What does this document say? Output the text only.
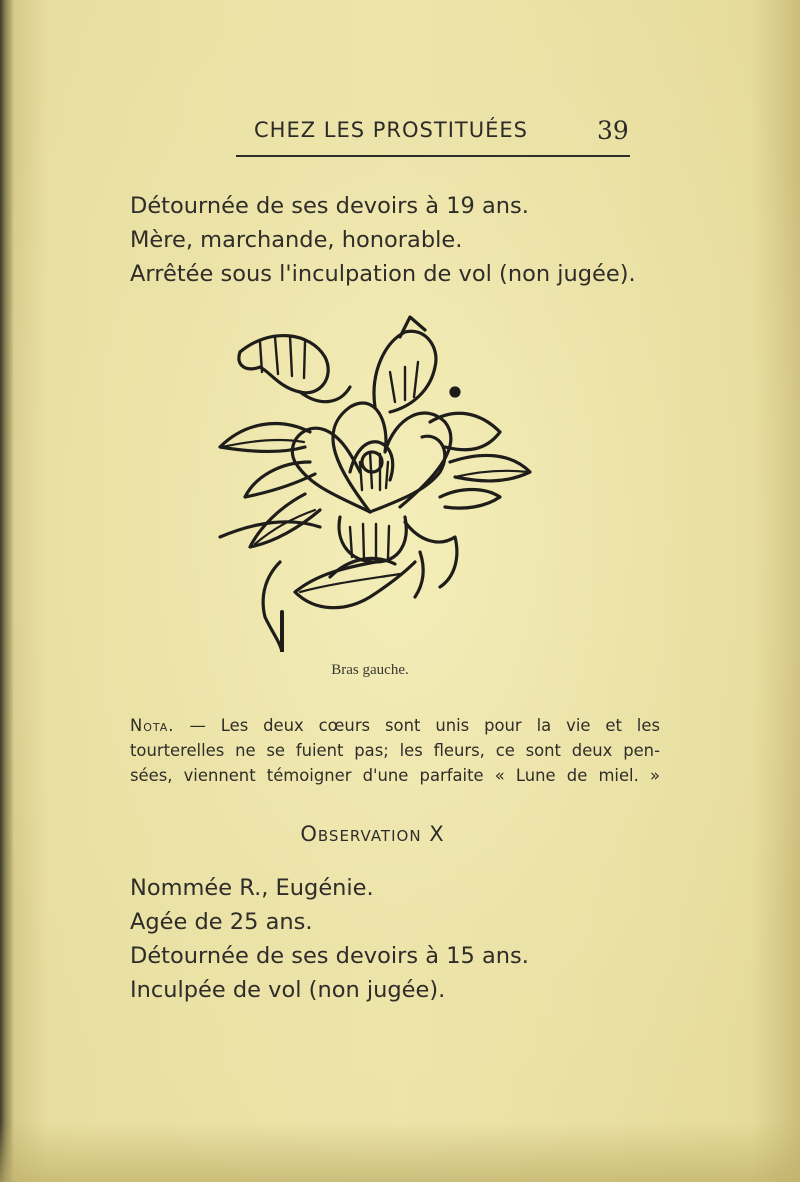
CHEZ LES PROSTITUÉES	39
Détournée de ses devoirs à 19 ans.
Mère, marchande, honorable.
Arrêtée sous l'inculpation de vol (non jugée).
Bras gauche.
Nota. — Les deux cœurs sont unis pour la vie et les
tourterelles ne se fuient pas; les fleurs, ce sont deux pen-
sées, viennent témoigner d'une parfaite « Lune de miel. »
Observation X
Nommée R., Eugénie.
Agée de 25 ans.
Détournée de ses devoirs à 15 ans.
Inculpée de vol (non jugée).
